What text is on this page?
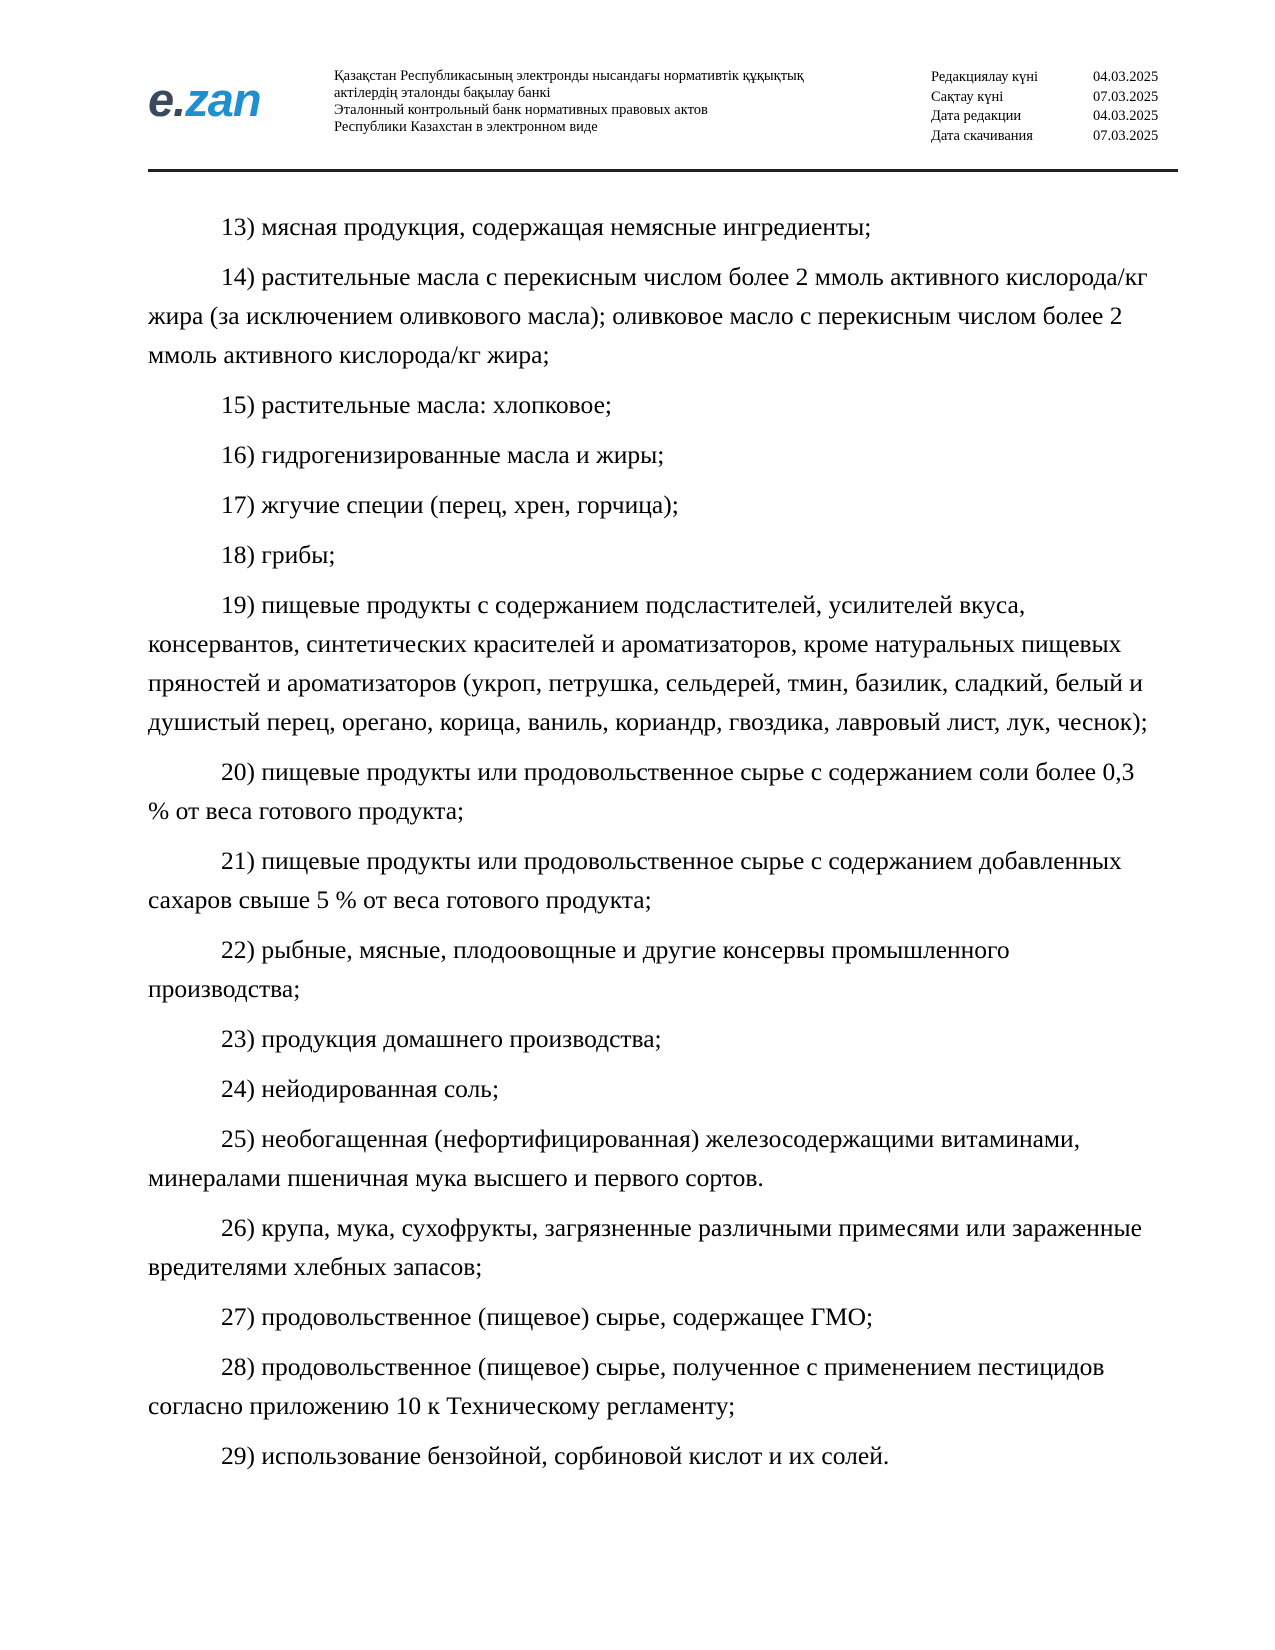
e.zan	Қазақстан Республикасының электронды нысандағы нормативтік құқықтық
актілердің эталонды бақылау банкі
Эталонный контрольный банк нормативных правовых актов
Республики Казахстан в электронном виде
Редакциялау күні	04.03.2025
Сақтау күні	07.03.2025
Дата редакции	04.03.2025
Дата скачивания	07.03.2025

13) мясная продукция, содержащая немясные ингредиенты;

14) растительные масла с перекисным числом более 2 ммоль активного кислорода/кг жира (за исключением оливкового масла); оливковое масло с перекисным числом более 2 ммоль активного кислорода/кг жира;

15) растительные масла: хлопковое;

16) гидрогенизированные масла и жиры;

17) жгучие специи (перец, хрен, горчица);

18) грибы;

19) пищевые продукты с содержанием подсластителей, усилителей вкуса, консервантов, синтетических красителей и ароматизаторов, кроме натуральных пищевых пряностей и ароматизаторов (укроп, петрушка, сельдерей, тмин, базилик, сладкий, белый и душистый перец, орегано, корица, ваниль, кориандр, гвоздика, лавровый лист, лук, чеснок);

20) пищевые продукты или продовольственное сырье с содержанием соли более 0,3 % от веса готового продукта;

21) пищевые продукты или продовольственное сырье с содержанием добавленных сахаров свыше 5 % от веса готового продукта;

22) рыбные, мясные, плодоовощные и другие консервы промышленного производства;

23) продукция домашнего производства;

24) нейодированная соль;

25) необогащенная (нефортифицированная) железосодержащими витаминами, минералами пшеничная мука высшего и первого сортов.

26) крупа, мука, сухофрукты, загрязненные различными примесями или зараженные вредителями хлебных запасов;

27) продовольственное (пищевое) сырье, содержащее ГМО;

28) продовольственное (пищевое) сырье, полученное с применением пестицидов согласно приложению 10 к Техническому регламенту;

29) использование бензойной, сорбиновой кислот и их солей.
